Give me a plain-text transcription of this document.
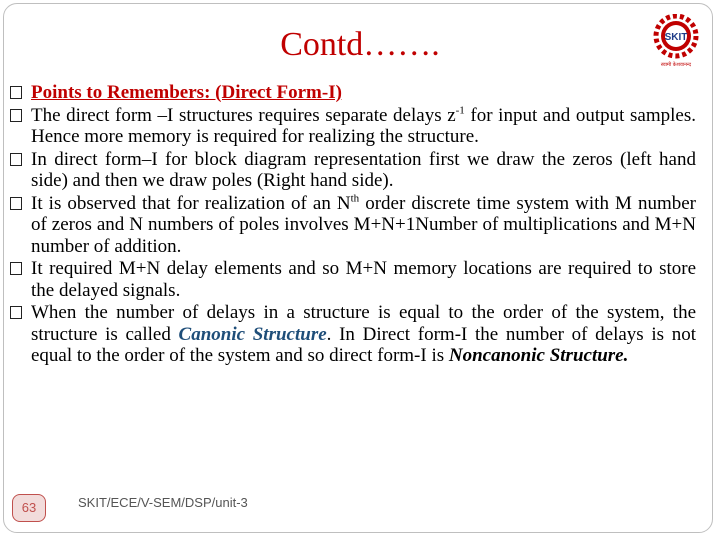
Contd…….	SKIT
स्वामी केशवानन्द
Points to Remembers: (Direct Form-I)
The direct form –I structures requires separate delays $z^{-1}$ for input and output samples. Hence more memory is required for realizing the structure.
In direct form–I for block diagram representation first we draw the zeros (left hand side) and then we draw poles (Right hand side).
It is observed that for realization of an $N^{th}$ order discrete time system with M number of zeros and N numbers of poles involves M+N+1Number of multiplications and M+N number of addition.
It required M+N delay elements and so M+N memory locations are required to store the delayed signals.
When the number of delays in a structure is equal to the order of the system, the structure is called Canonic Structure. In Direct form-I the number of delays is not equal to the order of the system and so direct form-I is Noncanonic Structure.
63	SKIT/ECE/V-SEM/DSP/unit-3
